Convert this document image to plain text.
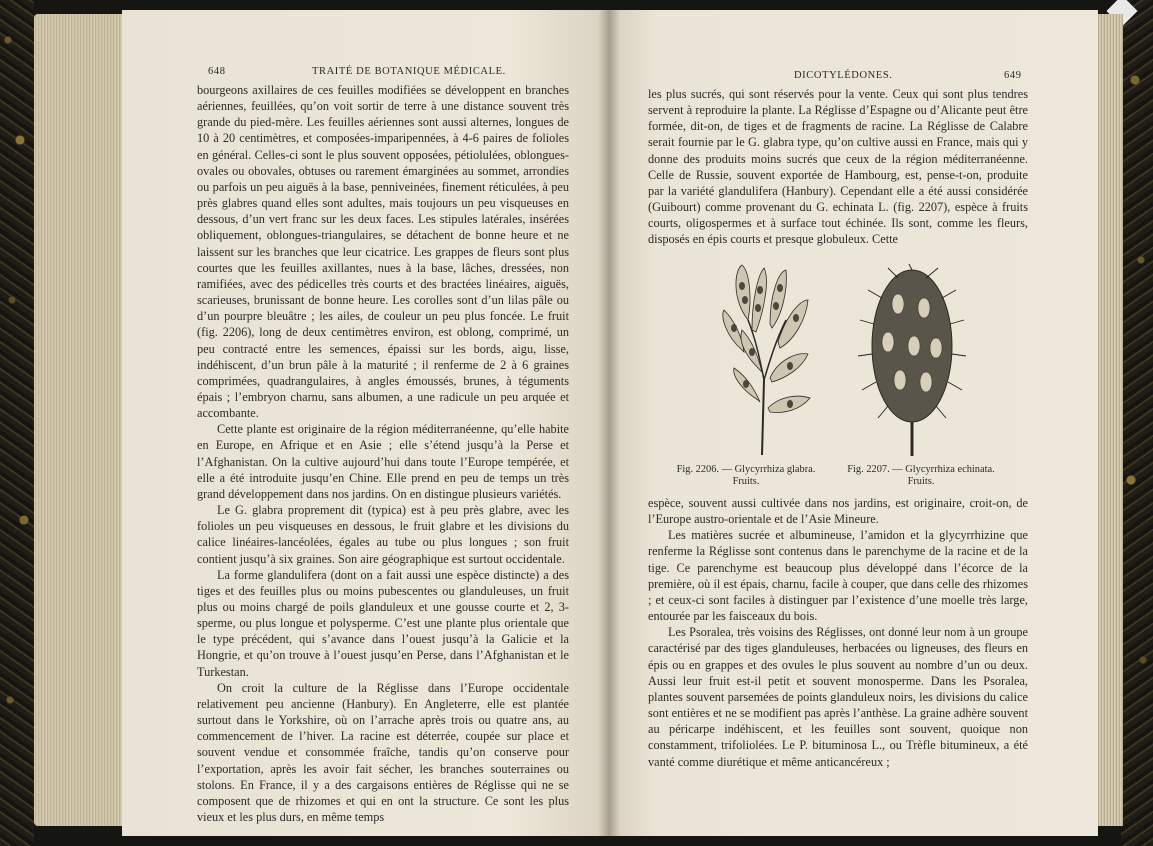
648	TRAITÉ DE BOTANIQUE MÉDICALE.

bourgeons axillaires de ces feuilles modifiées se développent en branches aériennes, feuillées, qu’on voit sortir de terre à une distance souvent très grande du pied-mère. Les feuilles aériennes sont aussi alternes, longues de 10 à 20 centimètres, et composées-imparipennées, à 4-6 paires de folioles en général. Celles-ci sont le plus souvent opposées, pétiolulées, oblongues-ovales ou obovales, obtuses ou rarement émarginées au sommet, arrondies ou parfois un peu aiguës à la base, penniveinées, finement réticulées, à peu près glabres quand elles sont adultes, mais toujours un peu visqueuses en dessous, d’un vert franc sur les deux faces. Les stipules latérales, insérées obliquement, oblongues-triangulaires, se détachent de bonne heure et ne laissent sur les branches que leur cicatrice. Les grappes de fleurs sont plus courtes que les feuilles axillantes, nues à la base, lâches, dressées, non ramifiées, avec des pédicelles très courts et des bractées linéaires, aiguës, scarieuses, brunissant de bonne heure. Les corolles sont d’un lilas pâle ou d’un pourpre bleuâtre ; les ailes, de couleur un peu plus foncée. Le fruit (fig. 2206), long de deux centimètres environ, est oblong, comprimé, un peu contracté entre les semences, épaissi sur les bords, aigu, lisse, indéhiscent, d’un brun pâle à la maturité ; il renferme de 2 à 6 graines comprimées, quadrangulaires, à angles émoussés, brunes, à téguments épais ; l’embryon charnu, sans albumen, a une radicule un peu arquée et accombante.

Cette plante est originaire de la région méditerranéenne, qu’elle habite en Europe, en Afrique et en Asie ; elle s’étend jusqu’à la Perse et l’Afghanistan. On la cultive aujourd’hui dans toute l’Europe tempérée, et elle a été introduite jusqu’en Chine. Elle prend en peu de temps un très grand développement dans nos jardins. On en distingue plusieurs variétés.

Le G. glabra proprement dit (typica) est à peu près glabre, avec les folioles un peu visqueuses en dessous, le fruit glabre et les divisions du calice linéaires-lancéolées, égales au tube ou plus longues ; son fruit contient jusqu’à six graines. Son aire géographique est surtout occidentale.

La forme glandulifera (dont on a fait aussi une espèce distincte) a des tiges et des feuilles plus ou moins pubescentes ou glanduleuses, un fruit plus ou moins chargé de poils glanduleux et une gousse courte et 2, 3-sperme, ou plus longue et polysperme. C’est une plante plus orientale que le type précédent, qui s’avance dans l’ouest jusqu’à la Galicie et la Hongrie, et qu’on trouve à l’ouest jusqu’en Perse, dans l’Afghanistan et le Turkestan.

On croit la culture de la Réglisse dans l’Europe occidentale relativement peu ancienne (Hanbury). En Angleterre, elle est plantée surtout dans le Yorkshire, où on l’arrache après trois ou quatre ans, au commencement de l’hiver. La racine est déterrée, coupée sur place et souvent vendue et consommée fraîche, tandis qu’on conserve pour l’exportation, après les avoir fait sécher, les branches souterraines ou stolons. En France, il y a des cargaisons entières de Réglisse qui ne se composent que de rhizomes et qui en ont la structure. Ce sont les plus vieux et les plus durs, en même temps

DICOTYLÉDONES.	649

les plus sucrés, qui sont réservés pour la vente. Ceux qui sont plus tendres servent à reproduire la plante. La Réglisse d’Espagne ou d’Alicante peut être formée, dit-on, de tiges et de fragments de racine. La Réglisse de Calabre serait fournie par le G. glabra type, qu’on cultive aussi en France, mais qui y donne des produits moins sucrés que ceux de la région méditerranéenne. Celle de Russie, souvent exportée de Hambourg, est, pense-t-on, produite par la variété glandulifera (Hanbury). Cependant elle a été aussi considérée (Guibourt) comme provenant du G. echinata L. (fig. 2207), espèce à fruits courts, oligospermes et à surface tout échinée. Ils sont, comme les fleurs, disposés en épis courts et presque globuleux. Cette

Fig. 2206. — Glycyrrhiza glabra.
Fruits.
Fig. 2207. — Glycyrrhiza echinata.
Fruits.

espèce, souvent aussi cultivée dans nos jardins, est originaire, croit-on, de l’Europe austro-orientale et de l’Asie Mineure.

Les matières sucrée et albumineuse, l’amidon et la glycyrrhizine que renferme la Réglisse sont contenus dans le parenchyme de la racine et de la tige. Ce parenchyme est beaucoup plus développé dans l’écorce de la première, où il est épais, charnu, facile à couper, que dans celle des rhizomes ; et ceux-ci sont faciles à distinguer par l’existence d’une moelle très large, entourée par les faisceaux du bois.

Les Psoralea, très voisins des Réglisses, ont donné leur nom à un groupe caractérisé par des tiges glanduleuses, herbacées ou ligneuses, des fleurs en épis ou en grappes et des ovules le plus souvent au nombre d’un ou deux. Aussi leur fruit est-il petit et souvent monosperme. Dans les Psoralea, plantes souvent parsemées de points glanduleux noirs, les divisions du calice sont entières et ne se modifient pas après l’anthèse. La graine adhère souvent au péricarpe indéhiscent, et les feuilles sont souvent, quoique non constamment, trifoliolées. Le P. bituminosa L., ou Trèfle bitumineux, a été vanté comme diurétique et même anticancéreux ;
